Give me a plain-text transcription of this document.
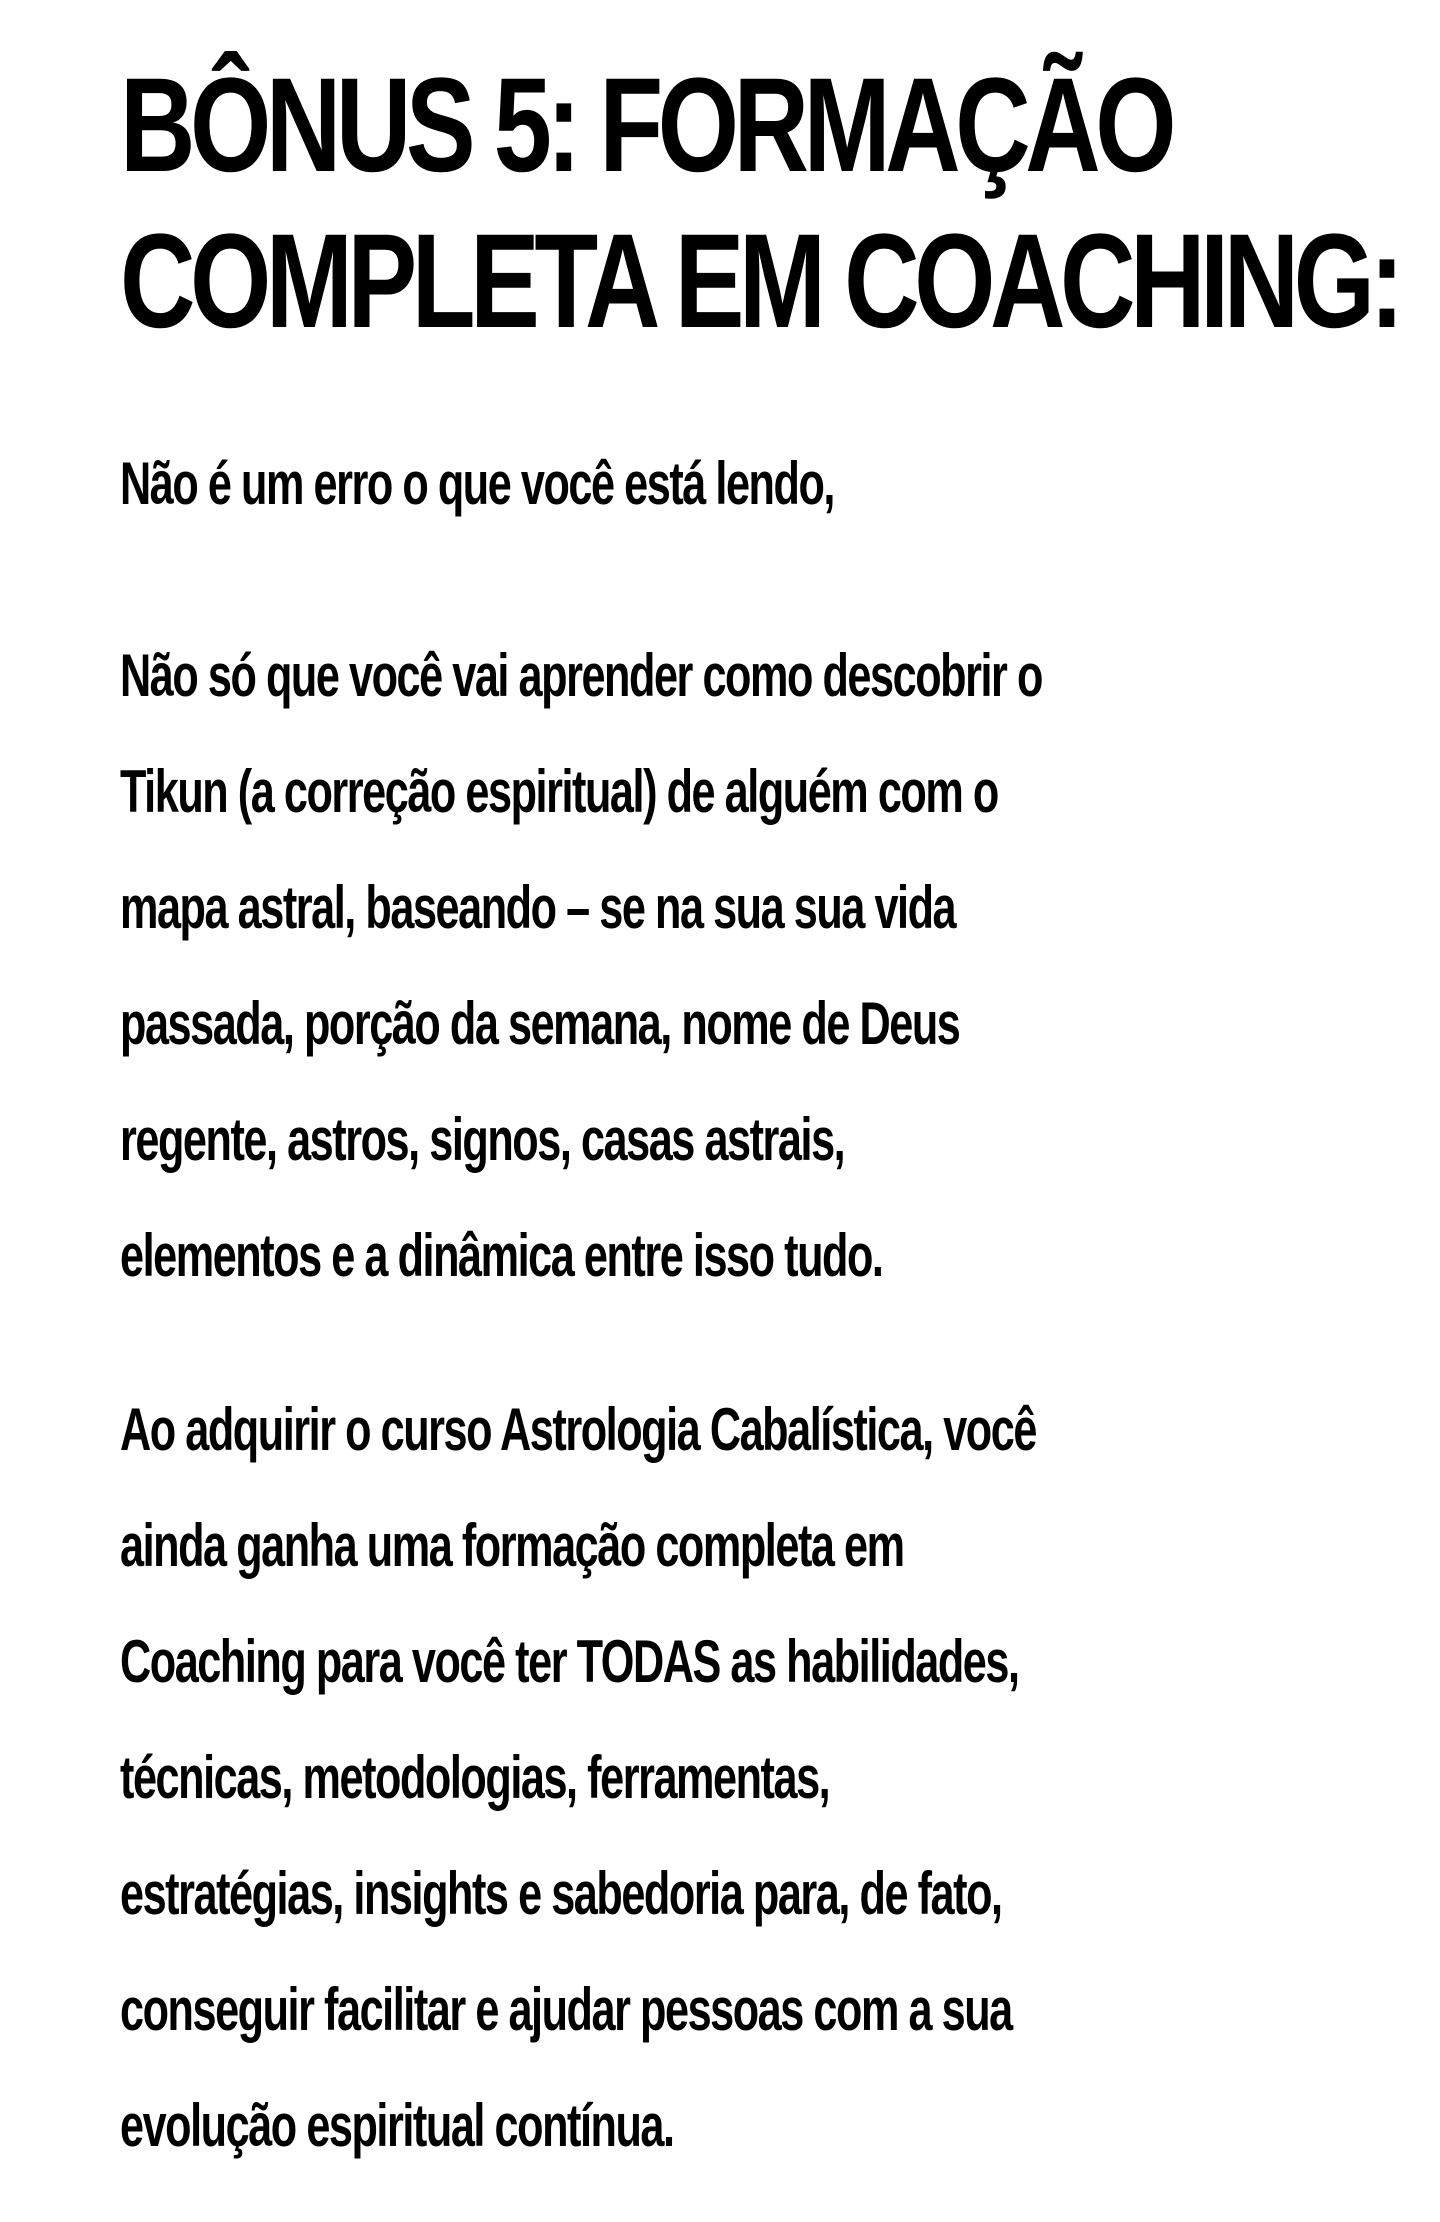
BÔNUS 5: FORMAÇÃO
COMPLETA EM COACHING:

Não é um erro o que você está lendo,

Não só que você vai aprender como descobrir o
Tikun (a correção espiritual) de alguém com o
mapa astral, baseando – se na sua sua vida
passada, porção da semana, nome de Deus
regente, astros, signos, casas astrais,
elementos e a dinâmica entre isso tudo.

Ao adquirir o curso Astrologia Cabalística, você
ainda ganha uma formação completa em
Coaching para você ter TODAS as habilidades,
técnicas, metodologias, ferramentas,
estratégias, insights e sabedoria para, de fato,
conseguir facilitar e ajudar pessoas com a sua
evolução espiritual contínua.
